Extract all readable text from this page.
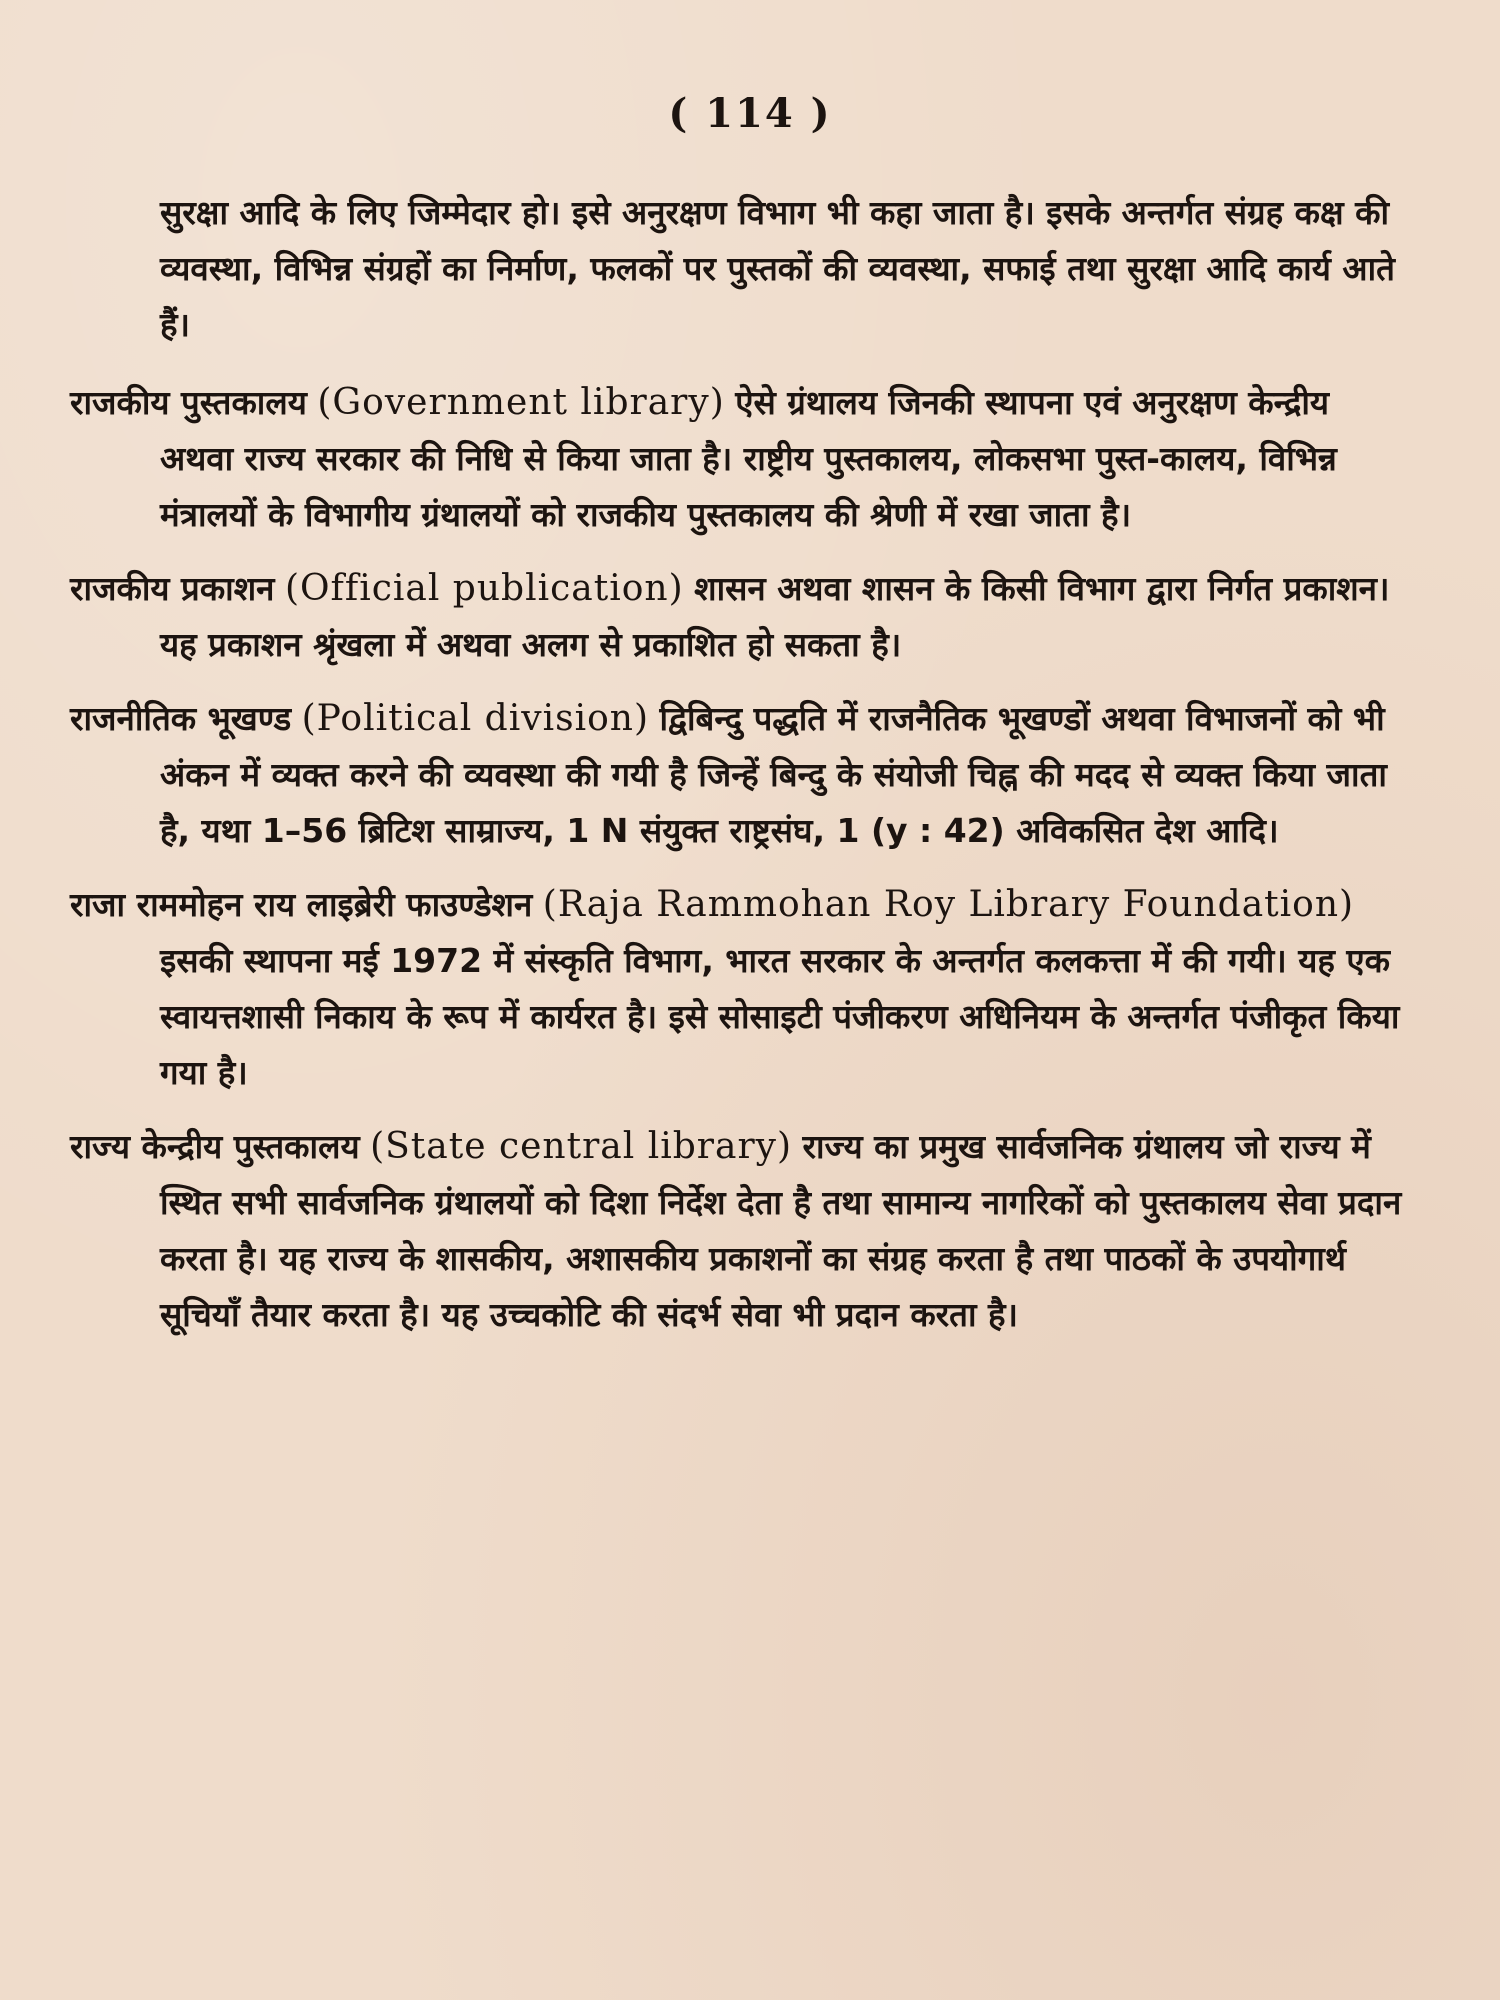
( 114 )

सुरक्षा आदि के लिए जिम्मेदार हो। इसे अनुरक्षण विभाग भी कहा जाता है। इसके अन्तर्गत संग्रह कक्ष की व्यवस्था, विभिन्न संग्रहों का निर्माण, फलकों पर पुस्तकों की व्यवस्था, सफाई तथा सुरक्षा आदि कार्य आते हैं।

राजकीय पुस्तकालय (Government library) ऐसे ग्रंथालय जिनकी स्थापना एवं अनुरक्षण केन्द्रीय अथवा राज्य सरकार की निधि से किया जाता है। राष्ट्रीय पुस्तकालय, लोकसभा पुस्त-कालय, विभिन्न मंत्रालयों के विभागीय ग्रंथालयों को राजकीय पुस्तकालय की श्रेणी में रखा जाता है।

राजकीय प्रकाशन (Official publication) शासन अथवा शासन के किसी विभाग द्वारा निर्गत प्रकाशन। यह प्रकाशन श्रृंखला में अथवा अलग से प्रकाशित हो सकता है।

राजनीतिक भूखण्ड (Political division) द्विबिन्दु पद्धति में राजनैतिक भूखण्डों अथवा विभाजनों को भी अंकन में व्यक्त करने की व्यवस्था की गयी है जिन्हें बिन्दु के संयोजी चिह्न की मदद से व्यक्त किया जाता है, यथा 1–56 ब्रिटिश साम्राज्य, 1 N संयुक्त राष्ट्रसंघ, 1 (y : 42) अविकसित देश आदि।

राजा राममोहन राय लाइब्रेरी फाउण्डेशन (Raja Rammohan Roy Library Foundation) इसकी स्थापना मई 1972 में संस्कृति विभाग, भारत सरकार के अन्तर्गत कलकत्ता में की गयी। यह एक स्वायत्तशासी निकाय के रूप में कार्यरत है। इसे सोसाइटी पंजीकरण अधिनियम के अन्तर्गत पंजीकृत किया गया है।

राज्य केन्द्रीय पुस्तकालय (State central library) राज्य का प्रमुख सार्वजनिक ग्रंथालय जो राज्य में स्थित सभी सार्वजनिक ग्रंथालयों को दिशा निर्देश देता है तथा सामान्य नागरिकों को पुस्तकालय सेवा प्रदान करता है। यह राज्य के शासकीय, अशासकीय प्रकाशनों का संग्रह करता है तथा पाठकों के उपयोगार्थ सूचियाँ तैयार करता है। यह उच्चकोटि की संदर्भ सेवा भी प्रदान करता है।
